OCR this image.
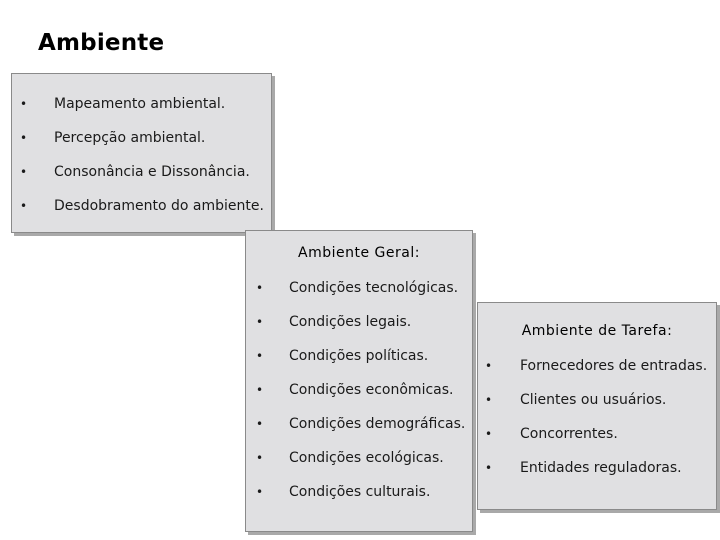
Ambiente
• Mapeamento ambiental.
• Percepção ambiental.
• Consonância e Dissonância.
• Desdobramento do ambiente.
Ambiente Geral:
• Condições tecnológicas.
• Condições legais.
• Condições políticas.
• Condições econômicas.
• Condições demográficas.
• Condições ecológicas.
• Condições culturais.
Ambiente de Tarefa:
• Fornecedores de entradas.
• Clientes ou usuários.
• Concorrentes.
• Entidades reguladoras.
